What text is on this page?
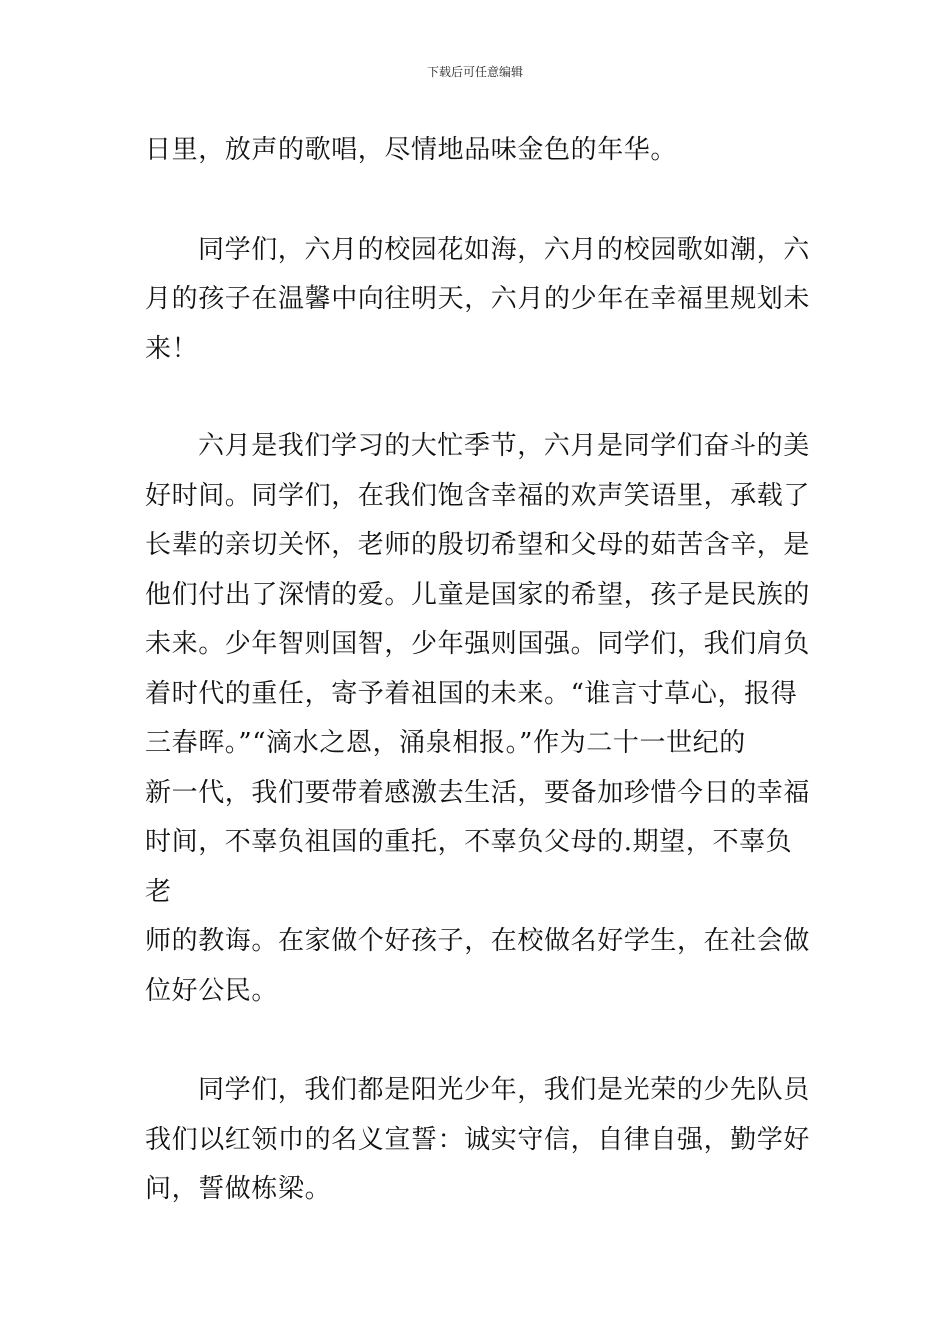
下载后可任意编辑
日里，放声的歌唱，尽情地品味金色的年华。
同学们，六月的校园花如海，六月的校园歌如潮，六
月的孩子在温馨中向往明天，六月的少年在幸福里规划未
来！
六月是我们学习的大忙季节，六月是同学们奋斗的美
好时间。同学们，在我们饱含幸福的欢声笑语里，承载了
长辈的亲切关怀，老师的殷切希望和父母的茹苦含辛，是
他们付出了深情的爱。儿童是国家的希望，孩子是民族的
未来。少年智则国智，少年强则国强。同学们，我们肩负
着时代的重任，寄予着祖国的未来。“谁言寸草心，报得
三春晖。”“滴水之恩，涌泉相报。”作为二十一世纪的
新一代，我们要带着感激去生活，要备加珍惜今日的幸福
时间，不辜负祖国的重托，不辜负父母的.期望，不辜负老
师的教诲。在家做个好孩子，在校做名好学生，在社会做
位好公民。
同学们，我们都是阳光少年，我们是光荣的少先队员
我们以红领巾的名义宣誓：诚实守信，自律自强，勤学好
问，誓做栋梁。
